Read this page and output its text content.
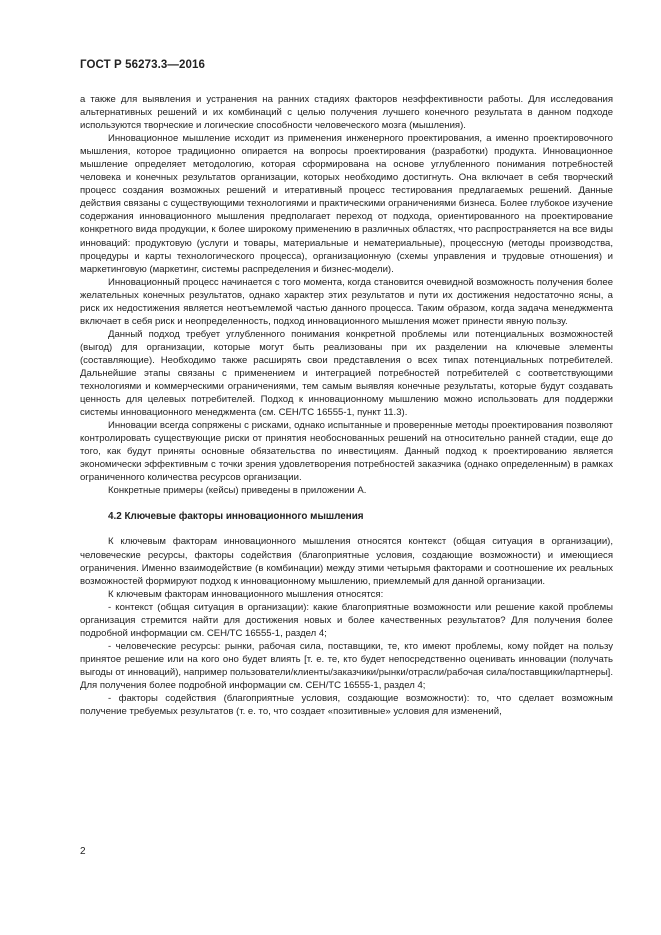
ГОСТ Р 56273.3—2016

а также для выявления и устранения на ранних стадиях факторов неэффективности работы. Для исследования альтернативных решений и их комбинаций с целью получения лучшего конечного результата в данном подходе используются творческие и логические способности человеческого мозга (мышления).

Инновационное мышление исходит из применения инженерного проектирования, а именно проектировочного мышления, которое традиционно опирается на вопросы проектирования (разработки) продукта. Инновационное мышление определяет методологию, которая сформирована на основе углубленного понимания потребностей человека и конечных результатов организации, которых необходимо достигнуть. Она включает в себя творческий процесс создания возможных решений и итеративный процесс тестирования предлагаемых решений. Данные действия связаны с существующими технологиями и практическими ограничениями бизнеса. Более глубокое изучение содержания инновационного мышления предполагает переход от подхода, ориентированного на проектирование конкретного вида продукции, к более широкому применению в различных областях, что распространяется на все виды инноваций: продуктовую (услуги и товары, материальные и нематериальные), процессную (методы производства, процедуры и карты технологического процесса), организационную (схемы управления и трудовые отношения) и маркетинговую (маркетинг, системы распределения и бизнес-модели).

Инновационный процесс начинается с того момента, когда становится очевидной возможность получения более желательных конечных результатов, однако характер этих результатов и пути их достижения недостаточно ясны, а риск их недостижения является неотъемлемой частью данного процесса. Таким образом, когда задача менеджмента включает в себя риск и неопределенность, подход инновационного мышления может принести явную пользу.

Данный подход требует углубленного понимания конкретной проблемы или потенциальных возможностей (выгод) для организации, которые могут быть реализованы при их разделении на ключевые элементы (составляющие). Необходимо также расширять свои представления о всех типах потенциальных потребителей. Дальнейшие этапы связаны с применением и интеграцией потребностей потребителей с соответствующими технологиями и коммерческими ограничениями, тем самым выявляя конечные результаты, которые будут создавать ценность для целевых потребителей. Подход к инновационному мышлению можно использовать для поддержки системы инновационного менеджмента (см. CEH/TC 16555-1, пункт 11.3).

Инновации всегда сопряжены с рисками, однако испытанные и проверенные методы проектирования позволяют контролировать существующие риски от принятия необоснованных решений на относительно ранней стадии, еще до того, как будут приняты основные обязательства по инвестициям. Данный подход к проектированию является экономически эффективным с точки зрения удовлетворения потребностей заказчика (однако определенным) в рамках ограниченного количества ресурсов организации.

Конкретные примеры (кейсы) приведены в приложении А.

4.2 Ключевые факторы инновационного мышления

К ключевым факторам инновационного мышления относятся контекст (общая ситуация в организации), человеческие ресурсы, факторы содействия (благоприятные условия, создающие возможности) и имеющиеся ограничения. Именно взаимодействие (в комбинации) между этими четырьмя факторами и соотношение их реальных возможностей формируют подход к инновационному мышлению, приемлемый для данной организации.

К ключевым факторам инновационного мышления относятся:

- контекст (общая ситуация в организации): какие благоприятные возможности или решение какой проблемы организация стремится найти для достижения новых и более качественных результатов? Для получения более подробной информации см. CEH/TC 16555-1, раздел 4;

- человеческие ресурсы: рынки, рабочая сила, поставщики, те, кто имеют проблемы, кому пойдет на пользу принятое решение или на кого оно будет влиять [т. е. те, кто будет непосредственно оценивать инновации (получать выгоды от инноваций), например пользователи/клиенты/заказчики/рынки/отрасли/рабочая сила/поставщики/партнеры]. Для получения более подробной информации см. CEH/TC 16555-1, раздел 4;

- факторы содействия (благоприятные условия, создающие возможности): то, что сделает возможным получение требуемых результатов (т. е. то, что создает «позитивные» условия для изменений,

2
